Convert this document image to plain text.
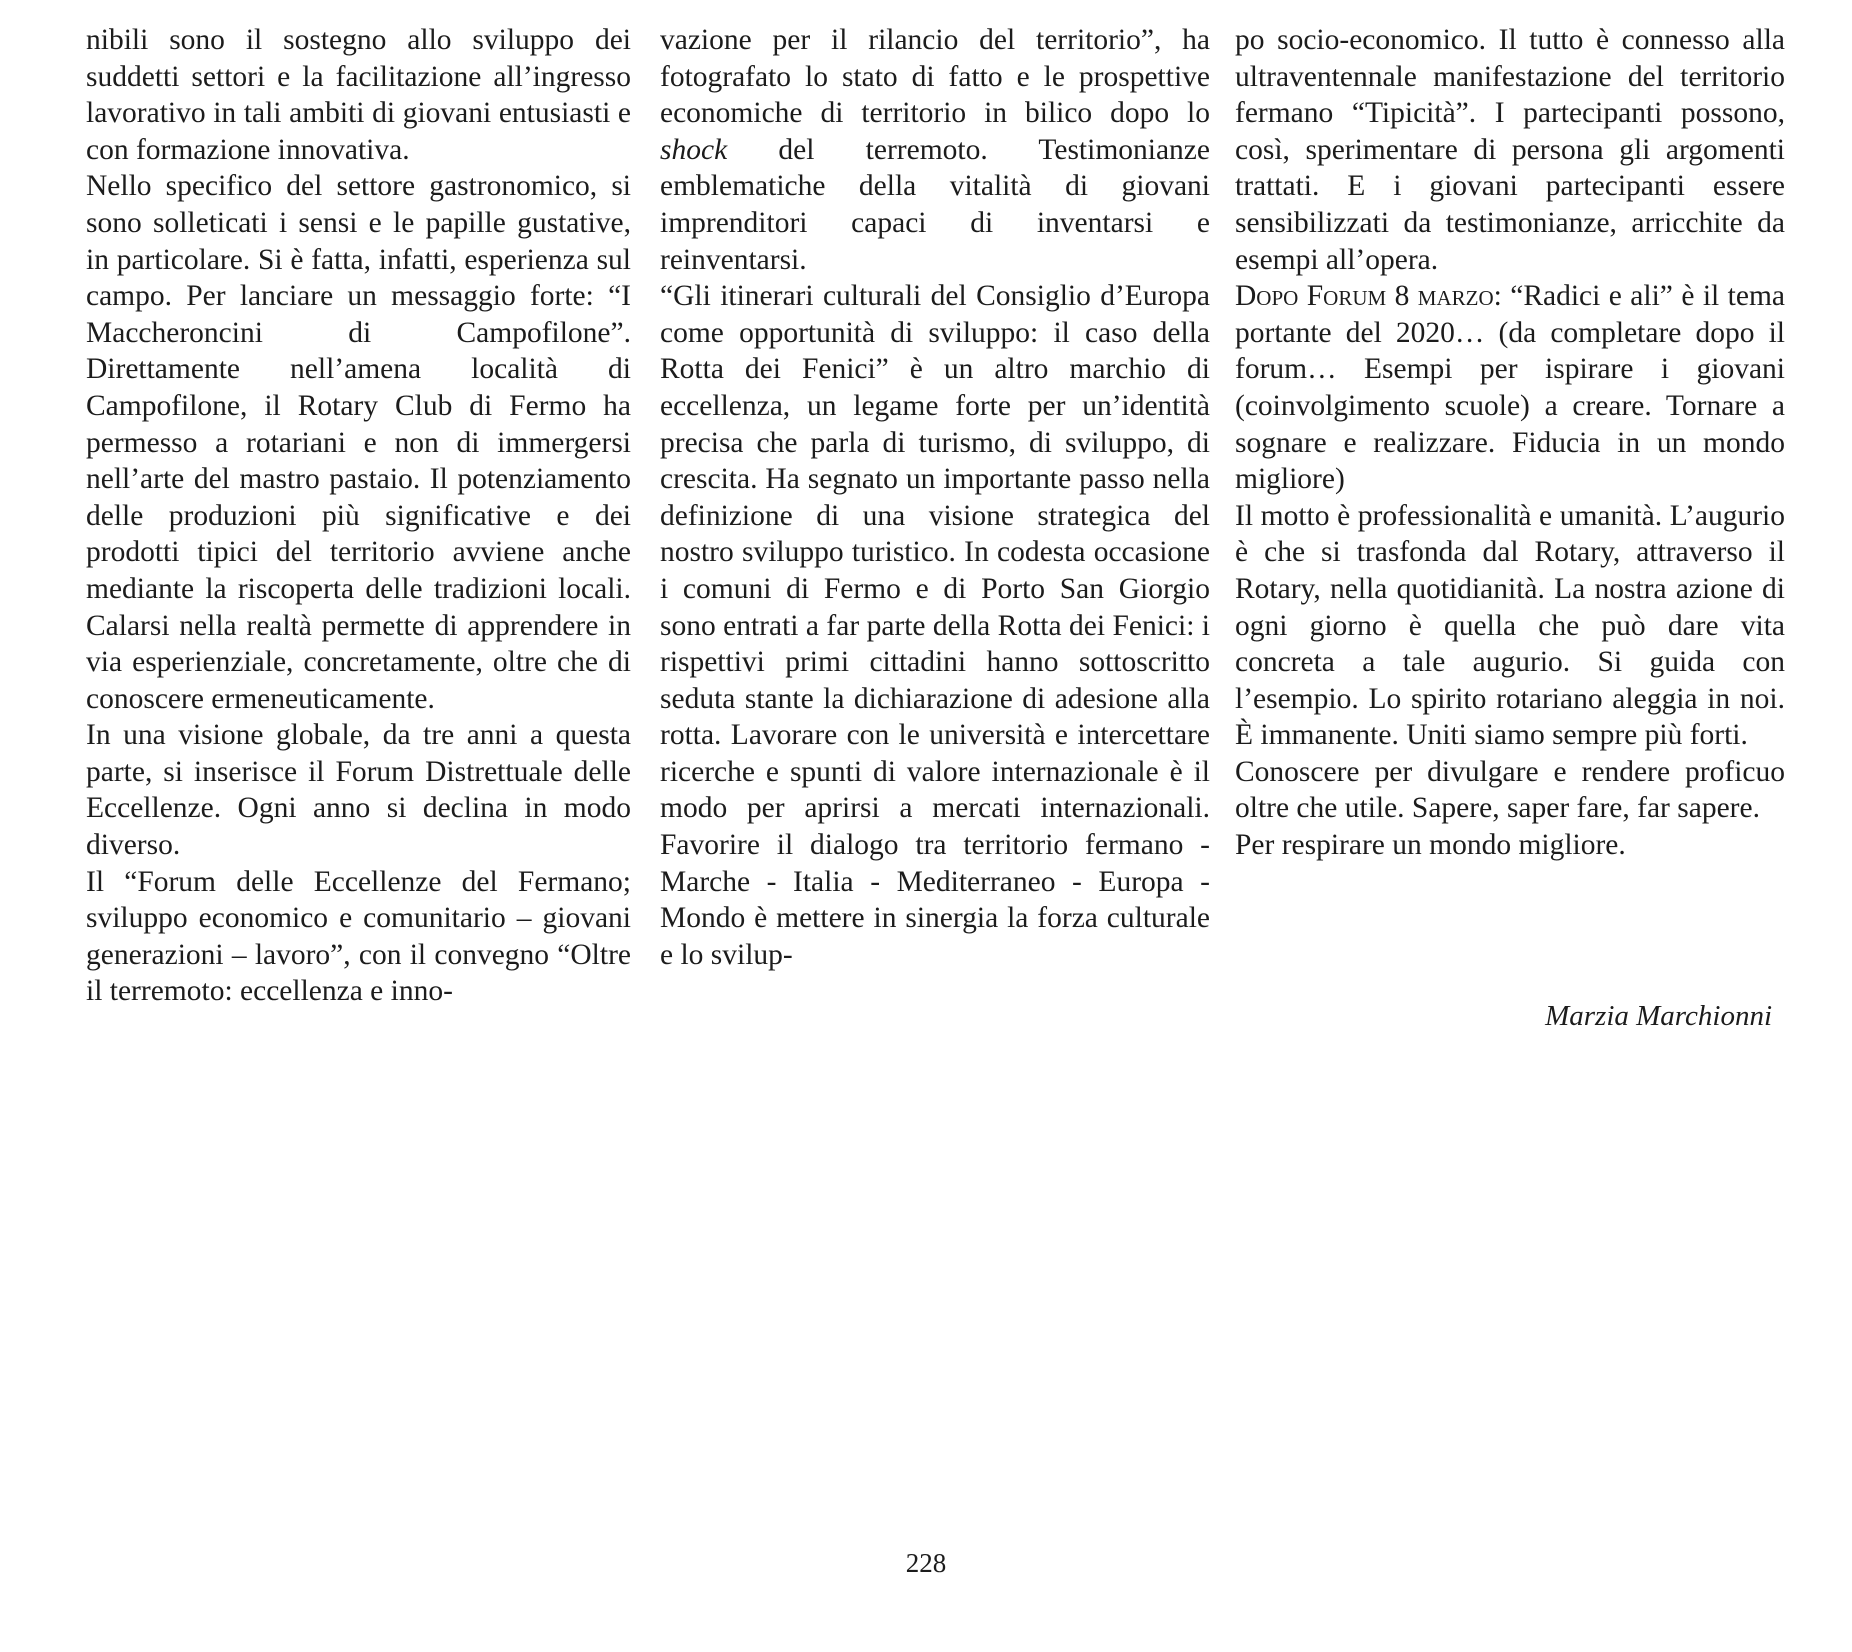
nibili sono il sostegno allo sviluppo dei suddetti settori e la facilitazione all’ingresso lavorativo in tali ambiti di giovani entusiasti e con formazione innovativa.

Nello specifico del settore gastronomico, si sono solleticati i sensi e le papille gustative, in particolare. Si è fatta, infatti, esperienza sul campo. Per lanciare un messaggio forte: “I Maccheroncini di Campofilone”. Direttamente nell’amena località di Campofilone, il Rotary Club di Fermo ha permesso a rotariani e non di immergersi nell’arte del mastro pastaio. Il potenziamento delle produzioni più significative e dei prodotti tipici del territorio avviene anche mediante la riscoperta delle tradizioni locali. Calarsi nella realtà permette di apprendere in via esperienziale, concretamente, oltre che di conoscere ermeneuticamente.

In una visione globale, da tre anni a questa parte, si inserisce il Forum Distrettuale delle Eccellenze. Ogni anno si declina in modo diverso.

Il “Forum delle Eccellenze del Fermano; sviluppo economico e comunitario – giovani generazioni – lavoro”, con il convegno “Oltre il terremoto: eccellenza e inno-

vazione per il rilancio del territorio”, ha fotografato lo stato di fatto e le prospettive economiche di territorio in bilico dopo lo shock del terremoto. Testimonianze emblematiche della vitalità di giovani imprenditori capaci di inventarsi e reinventarsi.

“Gli itinerari culturali del Consiglio d’Europa come opportunità di sviluppo: il caso della Rotta dei Fenici” è un altro marchio di eccellenza, un legame forte per un’identità precisa che parla di turismo, di sviluppo, di crescita. Ha segnato un importante passo nella definizione di una visione strategica del nostro sviluppo turistico. In codesta occasione i comuni di Fermo e di Porto San Giorgio sono entrati a far parte della Rotta dei Fenici: i rispettivi primi cittadini hanno sottoscritto seduta stante la dichiarazione di adesione alla rotta. Lavorare con le università e intercettare ricerche e spunti di valore internazionale è il modo per aprirsi a mercati internazionali. Favorire il dialogo tra territorio fermano - Marche - Italia - Mediterraneo - Europa - Mondo è mettere in sinergia la forza culturale e lo svilup-

po socio-economico. Il tutto è connesso alla ultraventennale manifestazione del territorio fermano “Tipicità”. I partecipanti possono, così, sperimentare di persona gli argomenti trattati. E i giovani partecipanti essere sensibilizzati da testimonianze, arricchite da esempi all’opera.

Dopo Forum 8 marzo: “Radici e ali” è il tema portante del 2020… (da completare dopo il forum… Esempi per ispirare i giovani (coinvolgimento scuole) a creare. Tornare a sognare e realizzare. Fiducia in un mondo migliore)

Il motto è professionalità e umanità. L’augurio è che si trasfonda dal Rotary, attraverso il Rotary, nella quotidianità. La nostra azione di ogni giorno è quella che può dare vita concreta a tale augurio. Si guida con l’esempio. Lo spirito rotariano aleggia in noi. È immanente. Uniti siamo sempre più forti.

Conoscere per divulgare e rendere proficuo oltre che utile. Sapere, saper fare, far sapere.

Per respirare un mondo migliore.

Marzia Marchionni

228
